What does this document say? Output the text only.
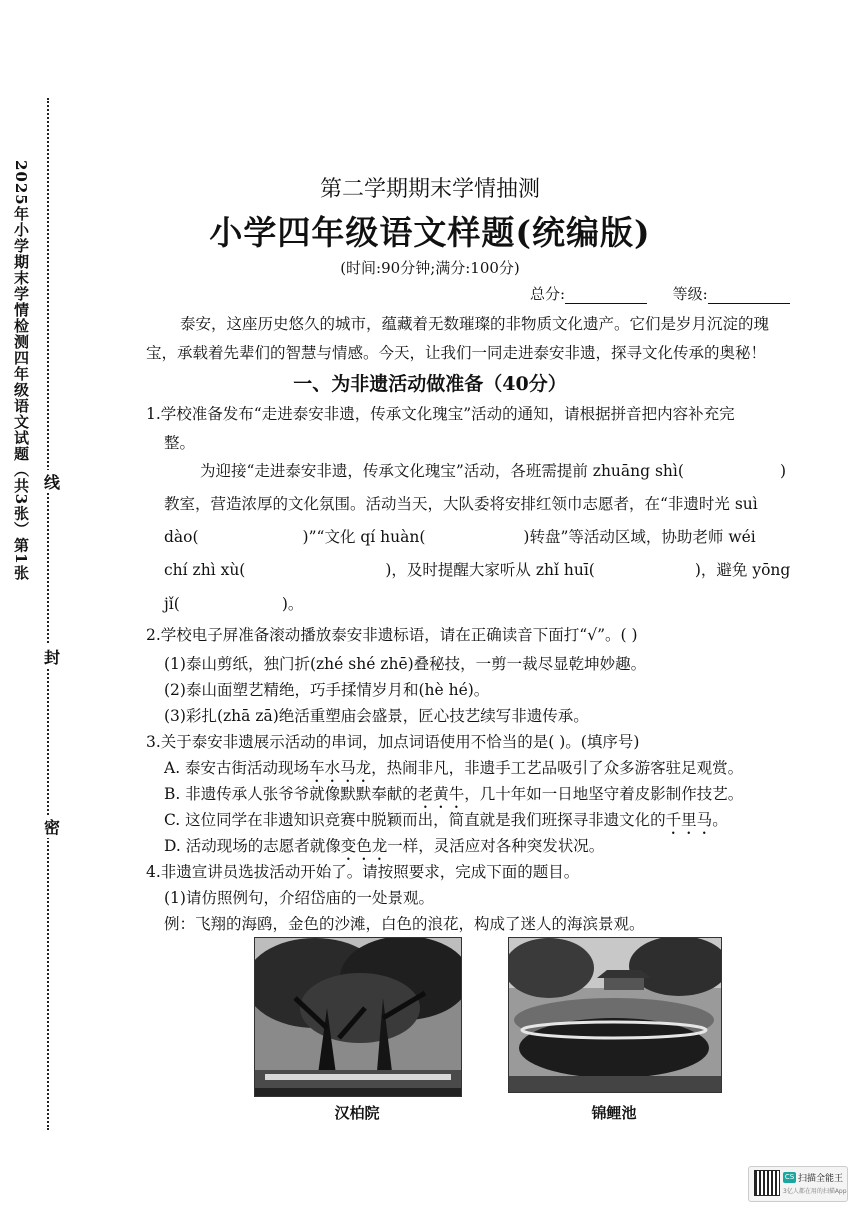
2025年小学期末学情检测四年级语文试题（共3张）第1张 线
封
密
第二学期期末学情抽测
小学四年级语文样题(统编版)
(时间:90分钟;满分:100分)
总分:	等级:
泰安，这座历史悠久的城市，蕴藏着无数璀璨的非物质文化遗产。它们是岁月沉淀的瑰
宝，承载着先辈们的智慧与情感。今天，让我们一同走进泰安非遗，探寻文化传承的奥秘！
一、为非遗活动做准备（40分）
1.学校准备发布“走进泰安非遗，传承文化瑰宝”活动的通知，请根据拼音把内容补充完
整。
为迎接“走进泰安非遗，传承文化瑰宝”活动，各班需提前 zhuāng shì(	)
教室，营造浓厚的文化氛围。活动当天，大队委将安排红领巾志愿者，在“非遗时光 suì
dào(	)”“文化 qí huàn(	)转盘”等活动区域，协助老师 wéi
chí zhì xù(	)，及时提醒大家听从 zhǐ huī(	)，避免 yōng
jǐ(	)。
2.学校电子屏准备滚动播放泰安非遗标语，请在正确读音下面打“√”。( )
(1)泰山剪纸，独门折(zhé shé zhē)叠秘技，一剪一裁尽显乾坤妙趣。
(2)泰山面塑艺精绝，巧手揉情岁月和(hè hé)。
(3)彩扎(zhā zā)绝活重塑庙会盛景，匠心技艺续写非遗传承。
3.关于泰安非遗展示活动的串词，加点词语使用不恰当的是( )。(填序号)
A. 泰安古街活动现场车水马龙，热闹非凡，非遗手工艺品吸引了众多游客驻足观赏。
B. 非遗传承人张爷爷就像默默奉献的老黄牛，几十年如一日地坚守着皮影制作技艺。
C. 这位同学在非遗知识竞赛中脱颖而出，简直就是我们班探寻非遗文化的千里马。
D. 活动现场的志愿者就像变色龙一样，灵活应对各种突发状况。
4.非遗宣讲员选拔活动开始了。请按照要求，完成下面的题目。
(1)请仿照例句，介绍岱庙的一处景观。
例：飞翔的海鸥，金色的沙滩，白色的浪花，构成了迷人的海滨景观。
汉柏院	锦鲤池
CS 扫描全能王
3亿人都在用的扫描App
